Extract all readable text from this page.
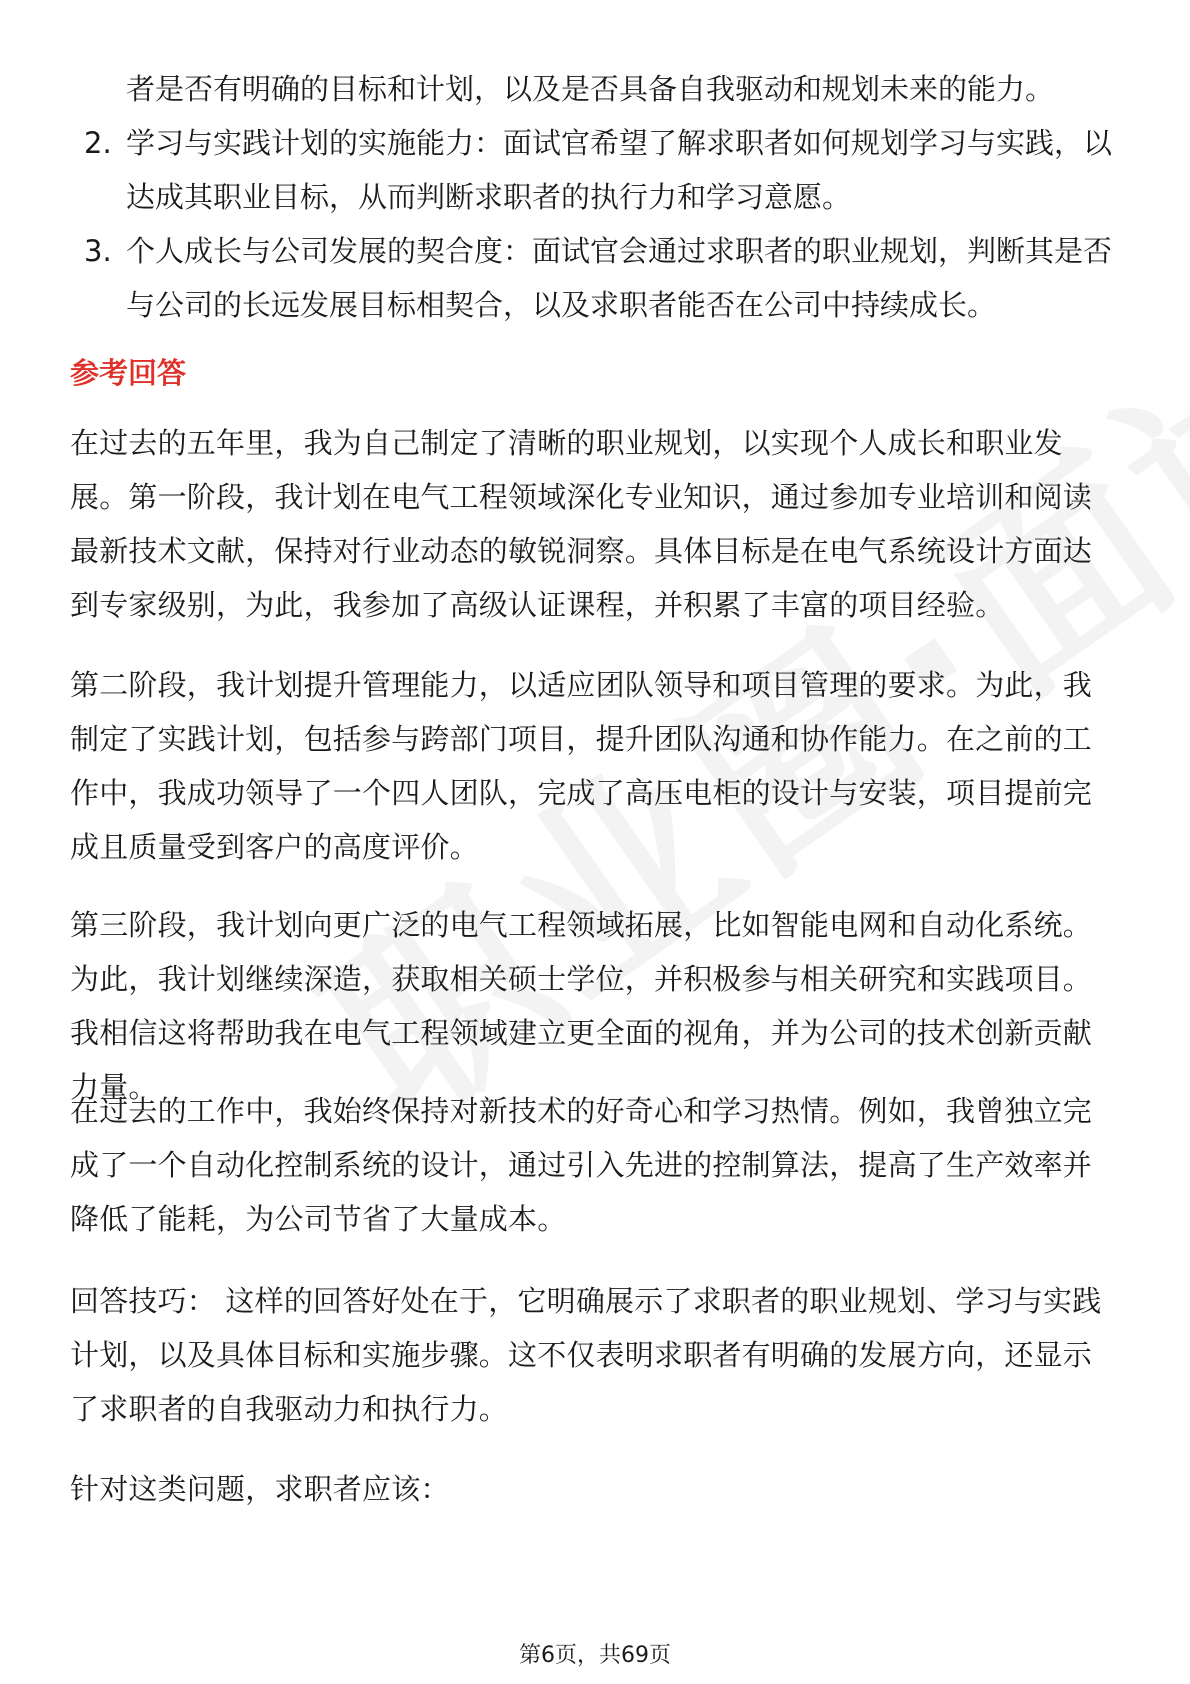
者是否有明确的目标和计划，以及是否具备自我驱动和规划未来的能力。
2. 学习与实践计划的实施能力：面试官希望了解求职者如何规划学习与实践，以达成其职业目标，从而判断求职者的执行力和学习意愿。
3. 个人成长与公司发展的契合度：面试官会通过求职者的职业规划，判断其是否与公司的长远发展目标相契合，以及求职者能否在公司中持续成长。
参考回答
在过去的五年里，我为自己制定了清晰的职业规划，以实现个人成长和职业发展。第一阶段，我计划在电气工程领域深化专业知识，通过参加专业培训和阅读最新技术文献，保持对行业动态的敏锐洞察。具体目标是在电气系统设计方面达到专家级别，为此，我参加了高级认证课程，并积累了丰富的项目经验。
第二阶段，我计划提升管理能力，以适应团队领导和项目管理的要求。为此，我制定了实践计划，包括参与跨部门项目，提升团队沟通和协作能力。在之前的工作中，我成功领导了一个四人团队，完成了高压电柜的设计与安装，项目提前完成且质量受到客户的高度评价。
第三阶段，我计划向更广泛的电气工程领域拓展，比如智能电网和自动化系统。为此，我计划继续深造，获取相关硕士学位，并积极参与相关研究和实践项目。我相信这将帮助我在电气工程领域建立更全面的视角，并为公司的技术创新贡献力量。
在过去的工作中，我始终保持对新技术的好奇心和学习热情。例如，我曾独立完成了一个自动化控制系统的设计，通过引入先进的控制算法，提高了生产效率并降低了能耗，为公司节省了大量成本。
回答技巧： 这样的回答好处在于，它明确展示了求职者的职业规划、学习与实践计划，以及具体目标和实施步骤。这不仅表明求职者有明确的发展方向，还显示了求职者的自我驱动力和执行力。
针对这类问题，求职者应该：
第6页，共69页
